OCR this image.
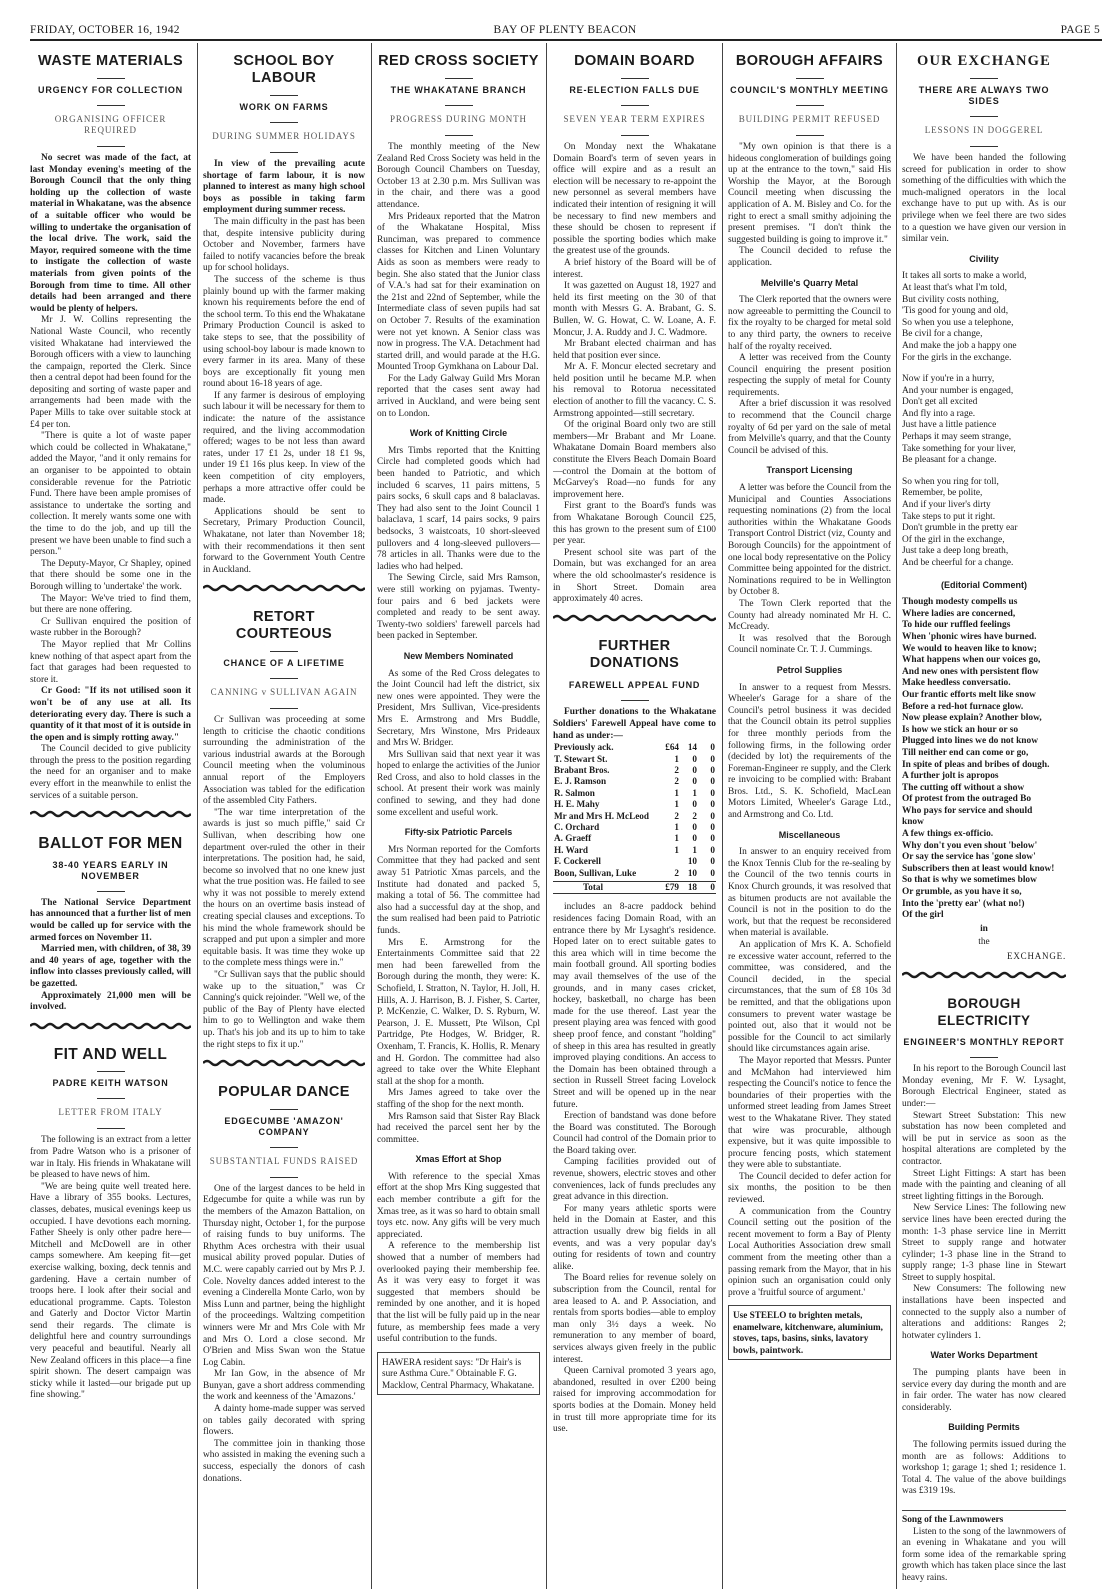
FRIDAY, OCTOBER 16, 1942	BAY OF PLENTY BEACON	PAGE 5
WASTE MATERIALS
URGENCY FOR COLLECTION
ORGANISING OFFICER REQUIRED
No secret was made of the fact, at last Monday evening's meeting of the Borough Council that the only thing holding up the collection of waste material in Whakatane, was the absence of a suitable officer who would be willing to undertake the organisation of the local drive. The work, said the Mayor, required someone with the time to instigate the collection of waste materials from given points of the Borough from time to time. All other details had been arranged and there would be plenty of helpers.
Mr J. W. Collins representing the National Waste Council, who recently visited Whakatane had interviewed the Borough officers with a view to launching the campaign, reported the Clerk. Since then a central depot had been found for the depositing and sorting of waste paper and arrangements had been made with the Paper Mills to take over suitable stock at £4 per ton.
"There is quite a lot of waste paper which could be collected in Whakatane," added the Mayor, "and it only remains for an organiser to be appointed to obtain considerable revenue for the Patriotic Fund. There have been ample promises of assistance to undertake the sorting and collection. It merely wants some one with the time to do the job, and up till the present we have been unable to find such a person."
The Deputy-Mayor, Cr Shapley, opined that there should be some one in the Borough willing to 'undertake' the work.
The Mayor: We've tried to find them, but there are none offering.
Cr Sullivan enquired the position of waste rubber in the Borough?
The Mayor replied that Mr Collins knew nothing of that aspect apart from the fact that garages had been requested to store it.
Cr Good: "If its not utilised soon it won't be of any use at all. Its deteriorating every day. There is such a quantity of it that most of it is outside in the open and is simply rotting away."
The Council decided to give publicity through the press to the position regarding the need for an organiser and to make every effort in the meanwhile to enlist the services of a suitable person.
BALLOT FOR MEN
38-40 YEARS EARLY IN NOVEMBER
The National Service Department has announced that a further list of men would be called up for service with the armed forces on November 11.
Married men, with children, of 38, 39 and 40 years of age, together with the inflow into classes previously called, will be gazetted.
Approximately 21,000 men will be involved.
FIT AND WELL
PADRE KEITH WATSON
LETTER FROM ITALY
The following is an extract from a letter from Padre Watson who is a prisoner of war in Italy. His friends in Whakatane will be pleased to have news of him.
"We are being quite well treated here. Have a library of 355 books. Lectures, classes, debates, musical evenings keep us occupied. I have devotions each morning. Father Sheely is only other padre here—Mitchell and McDowell are in other camps somewhere. Am keeping fit—get exercise walking, boxing, deck tennis and gardening. Have a certain number of troops here. I look after their social and educational programme. Capts. Toleston and Gaterly and Doctor Victor Martin send their regards. The climate is delightful here and country surroundings very peaceful and beautiful. Nearly all New Zealand officers in this place—a fine spirit shown. The desert campaign was sticky while it lasted—our brigade put up fine showing."
SCHOOL BOY LABOUR
WORK ON FARMS
DURING SUMMER HOLIDAYS
In view of the prevailing acute shortage of farm labour, it is now planned to interest as many high school boys as possible in taking farm employment during summer recess.
The main difficulty in the past has been that, despite intensive publicity during October and November, farmers have failed to notify vacancies before the break up for school holidays.
The success of the scheme is thus plainly bound up with the farmer making known his requirements before the end of the school term. To this end the Whakatane Primary Production Council is asked to take steps to see, that the possibility of using school-boy labour is made known to every farmer in its area. Many of these boys are exceptionally fit young men round about 16-18 years of age.
If any farmer is desirous of employing such labour it will be necessary for them to indicate: the nature of the assistance required, and the living accommodation offered; wages to be not less than award rates, under 17 £1 2s, under 18 £1 9s, under 19 £1 16s plus keep. In view of the keen competition of city employers, perhaps a more attractive offer could be made.
Applications should be sent to Secretary, Primary Production Council, Whakatane, not later than November 18; with their recommendations it then sent forward to the Government Youth Centre in Auckland.
RETORT COURTEOUS
CHANCE OF A LIFETIME
CANNING v SULLIVAN AGAIN
Cr Sullivan was proceeding at some length to criticise the chaotic conditions surrounding the administration of the various industrial awards at the Borough Council meeting when the voluminous annual report of the Employers Association was tabled for the edification of the assembled City Fathers.
"The war time interpretation of the awards is just so much piffle," said Cr Sullivan, when describing how one department over-ruled the other in their interpretations. The position had, he said, become so involved that no one knew just what the true position was. He failed to see why it was not possible to merely extend the hours on an overtime basis instead of creating special clauses and exceptions. To his mind the whole framework should be scrapped and put upon a simpler and more equitable basis. It was time they woke up to the complete mess things were in."
"Cr Sullivan says that the public should wake up to the situation," was Cr Canning's quick rejoinder. "Well we, of the public of the Bay of Plenty have elected him to go to Wellington and wake them up. That's his job and its up to him to take the right steps to fix it up."
POPULAR DANCE
EDGECUMBE 'AMAZON' COMPANY
SUBSTANTIAL FUNDS RAISED
One of the largest dances to be held in Edgecumbe for quite a while was run by the members of the Amazon Battalion, on Thursday night, October 1, for the purpose of raising funds to buy uniforms. The Rhythm Aces orchestra with their usual musical ability proved popular. Duties of M.C. were capably carried out by Mrs P. J. Cole. Novelty dances added interest to the evening a Cinderella Monte Carlo, won by Miss Lunn and partner, being the highlight of the proceedings. Waltzing competition winners were Mr and Mrs Cole with Mr and Mrs O. Lord a close second. Mr O'Brien and Miss Swan won the Statue Log Cabin.
Mr Ian Gow, in the absence of Mr Bunyan, gave a short address commending the work and keenness of the 'Amazons.'
A dainty home-made supper was served on tables gaily decorated with spring flowers.
The committee join in thanking those who assisted in making the evening such a success, especially the donors of cash donations.
RED CROSS SOCIETY
THE WHAKATANE BRANCH
PROGRESS DURING MONTH
The monthly meeting of the New Zealand Red Cross Society was held in the Borough Council Chambers on Tuesday, October 13 at 2.30 p.m. Mrs Sullivan was in the chair, and there was a good attendance.
Mrs Prideaux reported that the Matron of the Whakatane Hospital, Miss Runciman, was prepared to commence classes for Kitchen and Linen Voluntary Aids as soon as members were ready to begin. She also stated that the Junior class of V.A.'s had sat for their examination on the 21st and 22nd of September, while the Intermediate class of seven pupils had sat on October 7. Results of the examination were not yet known. A Senior class was now in progress. The V.A. Detachment had started drill, and would parade at the H.G. Mounted Troop Gymkhana on Labour Dal.
For the Lady Galway Guild Mrs Moran reported that the cases sent away had arrived in Auckland, and were being sent on to London.
Work of Knitting Circle
Mrs Timbs reported that the Knitting Circle had completed goods which had been handed to Patriotic, and which included 6 scarves, 11 pairs mittens, 5 pairs socks, 6 skull caps and 8 balaclavas. They had also sent to the Joint Council 1 balaclava, 1 scarf, 14 pairs socks, 9 pairs bedsocks, 3 waistcoats, 10 short-sleeved pullovers and 4 long-sleeved pullovers—78 articles in all. Thanks were due to the ladies who had helped.
The Sewing Circle, said Mrs Ramson, were still working on pyjamas. Twenty-four pairs and 6 bed jackets were completed and ready to be sent away. Twenty-two soldiers' farewell parcels had been packed in September.
New Members Nominated
As some of the Red Cross delegates to the Joint Council had left the district, six new ones were appointed. They were the President, Mrs Sullivan, Vice-presidents Mrs E. Armstrong and Mrs Buddle, Secretary, Mrs Winstone, Mrs Prideaux and Mrs W. Bridger.
Mrs Sullivan said that next year it was hoped to enlarge the activities of the Junior Red Cross, and also to hold classes in the school. At present their work was mainly confined to sewing, and they had done some excellent and useful work.
Fifty-six Patriotic Parcels
Mrs Norman reported for the Comforts Committee that they had packed and sent away 51 Patriotic Xmas parcels, and the Institute had donated and packed 5, making a total of 56. The committee had also had a successful day at the shop, and the sum realised had been paid to Patriotic funds.
Mrs E. Armstrong for the Entertainments Committee said that 22 men had been farewelled from the Borough during the month, they were: K. Schofield, I. Stratton, N. Taylor, H. Joll, H. Hills, A. J. Harrison, B. J. Fisher, S. Carter, P. McKenzie, C. Walker, D. S. Ryburn, W. Pearson, J. E. Mussett, Pte Wilson, Cpl Partridge, Pte Hodges, W. Bridger, R. Oxenham, T. Francis, K. Hollis, R. Menary and H. Gordon. The committee had also agreed to take over the White Elephant stall at the shop for a month.
Mrs James agreed to take over the staffing of the shop for the next month.
Mrs Ramson said that Sister Ray Black had received the parcel sent her by the committee.
Xmas Effort at Shop
With reference to the special Xmas effort at the shop Mrs King suggested that each member contribute a gift for the Xmas tree, as it was so hard to obtain small toys etc. now. Any gifts will be very much appreciated.
A reference to the membership list showed that a number of members had overlooked paying their membership fee. As it was very easy to forget it was suggested that members should be reminded by one another, and it is hoped that the list will be fully paid up in the near future, as membership fees made a very useful contribution to the funds.
HAWERA resident says: "Dr Hair's is sure Asthma Cure." Obtainable F. G. Macklow, Central Pharmacy, Whakatane.
DOMAIN BOARD
RE-ELECTION FALLS DUE
SEVEN YEAR TERM EXPIRES
On Monday next the Whakatane Domain Board's term of seven years in office will expire and as a result an election will be necessary to re-appoint the new personnel as several members have indicated their intention of resigning it will be necessary to find new members and these should be chosen to represent if possible the sporting bodies which make the greatest use of the grounds.
A brief history of the Board will be of interest.
It was gazetted on August 18, 1927 and held its first meeting on the 30 of that month with Messrs G. A. Brabant, G. S. Bullen, W. G. Howat, C. W. Loane, A. F. Moncur, J. A. Ruddy and J. C. Wadmore.
Mr Brabant elected chairman and has held that position ever since.
Mr A. F. Moncur elected secretary and held position until he became M.P. when his removal to Rotorua necessitated election of another to fill the vacancy. C. S. Armstrong appointed—still secretary.
Of the original Board only two are still members—Mr Brabant and Mr Loane. Whakatane Domain Board members also constitute the Elvers Beach Domain Board—control the Domain at the bottom of McGarvey's Road—no funds for any improvement here.
First grant to the Board's funds was from Whakatane Borough Council £25, this has grown to the present sum of £100 per year.
Present school site was part of the Domain, but was exchanged for an area where the old schoolmaster's residence is in Short Street. Domain area approximately 40 acres.
FURTHER DONATIONS
FAREWELL APPEAL FUND
Further donations to the Whakatane Soldiers' Farewell Appeal have come to hand as under:—
Previously ack.	£64	14	0
T. Stewart St.	1	0	0
Brabant Bros.	2	0	0
E. J. Ramson	2	0	0
R. Salmon	1	1	0
H. E. Mahy	1	0	0
Mr and Mrs H. McLeod	2	2	0
C. Orchard	1	0	0
A. Graeff	1	0	0
H. Ward	1	1	0
F. Cockerell		10	0
Boon, Sullivan, Luke	2	10	0
Total	£79	18	0
includes an 8-acre paddock behind residences facing Domain Road, with an entrance there by Mr Lysaght's residence. Hoped later on to erect suitable gates to this area which will in time become the main football ground. All sporting bodies may avail themselves of the use of the grounds, and in many cases cricket, hockey, basketball, no charge has been made for the use thereof. Last year the present playing area was fenced with good sheep proof fence, and constant "holding" of sheep in this area has resulted in greatly improved playing conditions. An access to the Domain has been obtained through a section in Russell Street facing Lovelock Street and will be opened up in the near future.
Erection of bandstand was done before the Board was constituted. The Borough Council had control of the Domain prior to the Board taking over.
Camping facilities provided out of revenue, showers, electric stoves and other conveniences, lack of funds precludes any great advance in this direction.
For many years athletic sports were held in the Domain at Easter, and this attraction usually drew big fields in all events, and was a very popular day's outing for residents of town and country alike.
The Board relies for revenue solely on subscription from the Council, rental for area leased to A. and P. Association, and rentals from sports bodies—able to employ man only 3½ days a week. No remuneration to any member of board, services always given freely in the public interest.
Queen Carnival promoted 3 years ago, abandoned, resulted in over £200 being raised for improving accommodation for sports bodies at the Domain. Money held in trust till more appropriate time for its use.
BOROUGH AFFAIRS
COUNCIL'S MONTHLY MEETING
BUILDING PERMIT REFUSED
"My own opinion is that there is a hideous conglomeration of buildings going up at the entrance to the town," said His Worship the Mayor, at the Borough Council meeting when discussing the application of A. M. Bisley and Co. for the right to erect a small smithy adjoining the present premises. "I don't think the suggested building is going to improve it."
The Council decided to refuse the application.
Melville's Quarry Metal
The Clerk reported that the owners were now agreeable to permitting the Council to fix the royalty to be charged for metal sold to any third party, the owners to receive half of the royalty received.
A letter was received from the County Council enquiring the present position respecting the supply of metal for County requirements.
After a brief discussion it was resolved to recommend that the Council charge royalty of 6d per yard on the sale of metal from Melville's quarry, and that the County Council be advised of this.
Transport Licensing
A letter was before the Council from the Municipal and Counties Associations requesting nominations (2) from the local authorities within the Whakatane Goods Transport Control District (viz, County and Borough Councils) for the appointment of one local body representative on the Policy Committee being appointed for the district. Nominations required to be in Wellington by October 8.
The Town Clerk reported that the County had already nominated Mr H. C. McCready.
It was resolved that the Borough Council nominate Cr. T. J. Cummings.
Petrol Supplies
In answer to a request from Messrs. Wheeler's Garage for a share of the Council's petrol business it was decided that the Council obtain its petrol supplies for three monthly periods from the following firms, in the following order (decided by lot) the requirements of the Foreman-Engineer re supply, and the Clerk re invoicing to be complied with: Brabant Bros. Ltd., S. K. Schofield, MacLean Motors Limited, Wheeler's Garage Ltd., and Armstrong and Co. Ltd.
Miscellaneous
In answer to an enquiry received from the Knox Tennis Club for the re-sealing by the Council of the two tennis courts in Knox Church grounds, it was resolved that as bitumen products are not available the Council is not in the position to do the work, but that the request be reconsidered when material is available.
An application of Mrs K. A. Schofield re excessive water account, referred to the committee, was considered, and the Council decided, in the special circumstances, that the sum of £8 10s 3d be remitted, and that the obligations upon consumers to prevent water wastage be pointed out, also that it would not be possible for the Council to act similarly should like circumstances again arise.
The Mayor reported that Messrs. Punter and McMahon had interviewed him respecting the Council's notice to fence the boundaries of their properties with the unformed street leading from James Street west to the Whakatane River. They stated that wire was procurable, although expensive, but it was quite impossible to procure fencing posts, which statement they were able to substantiate.
The Council decided to defer action for six months, the position to be then reviewed.
A communication from the Country Council setting out the position of the recent movement to form a Bay of Plenty Local Authorities Association drew small comment from the meeting other than a passing remark from the Mayor, that in his opinion such an organisation could only prove a 'fruitful source of argument.'
Use STEELO to brighten metals, enamelware, kitchenware, aluminium, stoves, taps, basins, sinks, lavatory bowls, paintwork.
OUR EXCHANGE
THERE ARE ALWAYS TWO SIDES
LESSONS IN DOGGEREL
We have been handed the following screed for publication in order to show something of the difficulties with which the much-maligned operators in the local exchange have to put up with. As is our privilege when we feel there are two sides to a question we have given our version in similar vein.
Civility
It takes all sorts to make a world,
At least that's what I'm told,
But civility costs nothing,
'Tis good for young and old,
So when you use a telephone,
Be civil for a change,
And make the job a happy one
For the girls in the exchange.
Now if you're in a hurry,
And your number is engaged,
Don't get all excited
And fly into a rage.
Just have a little patience
Perhaps it may seem strange,
Take something for your liver,
Be pleasant for a change.
So when you ring for toll,
Remember, be polite,
And if your liver's dirty
Take steps to put it right.
Don't grumble in the pretty ear
Of the girl in the exchange,
Just take a deep long breath,
And be cheerful for a change.
(Editorial Comment)
Though modesty compells us
Where ladies are concerned,
To hide our ruffled feelings
When 'phonic wires have burned.
We would to heaven like to know;
What happens when our voices go,
And new ones with persistent flow
Make heedless conversatio.
Our frantic efforts melt like snow
Before a red-hot furnace glow.
Now please explain? Another blow,
Is how we stick an hour or so
Plugged into lines we do not know
Till neither end can come or go,
In spite of pleas and bribes of dough.
A further jolt is apropos
The cutting off without a show
Of protest from the outraged Bo
Who pays for service and should
know
A few things ex-officio.
Why don't you even shout 'below'
Or say the service has 'gone slow'
Subscribers then at least would know!
So that is why we sometimes blow
Or grumble, as you have it so,
Into the 'pretty ear' (what no!)
Of the girl
in
the
EXCHANGE.
BOROUGH ELECTRICITY
ENGINEER'S MONTHLY REPORT
In his report to the Borough Council last Monday evening, Mr F. W. Lysaght, Borough Electrical Engineer, stated as under:—
Stewart Street Substation: This new substation has now been completed and will be put in service as soon as the hospital alterations are completed by the contractor.
Street Light Fittings: A start has been made with the painting and cleaning of all street lighting fittings in the Borough.
New Service Lines: The following new service lines have been erected during the month: 1-3 phase service line in Merritt Street to supply range and hotwater cylinder; 1-3 phase line in the Strand to supply range; 1-3 phase line in Stewart Street to supply hospital.
New Consumers: The following new installations have been inspected and connected to the supply also a number of alterations and additions: Ranges 2; hotwater cylinders 1.
Water Works Department
The pumping plants have been in service every day during the month and are in fair order. The water has now cleared considerably.
Building Permits
The following permits issued during the month are as follows: Additions to workshop 1; garage 1; shed 1; residence 1. Total 4. The value of the above buildings was £319 19s.
Song of the Lawnmowers
Listen to the song of the lawnmowers of an evening in Whakatane and you will form some idea of the remarkable spring growth which has taken place since the last heavy rains.
